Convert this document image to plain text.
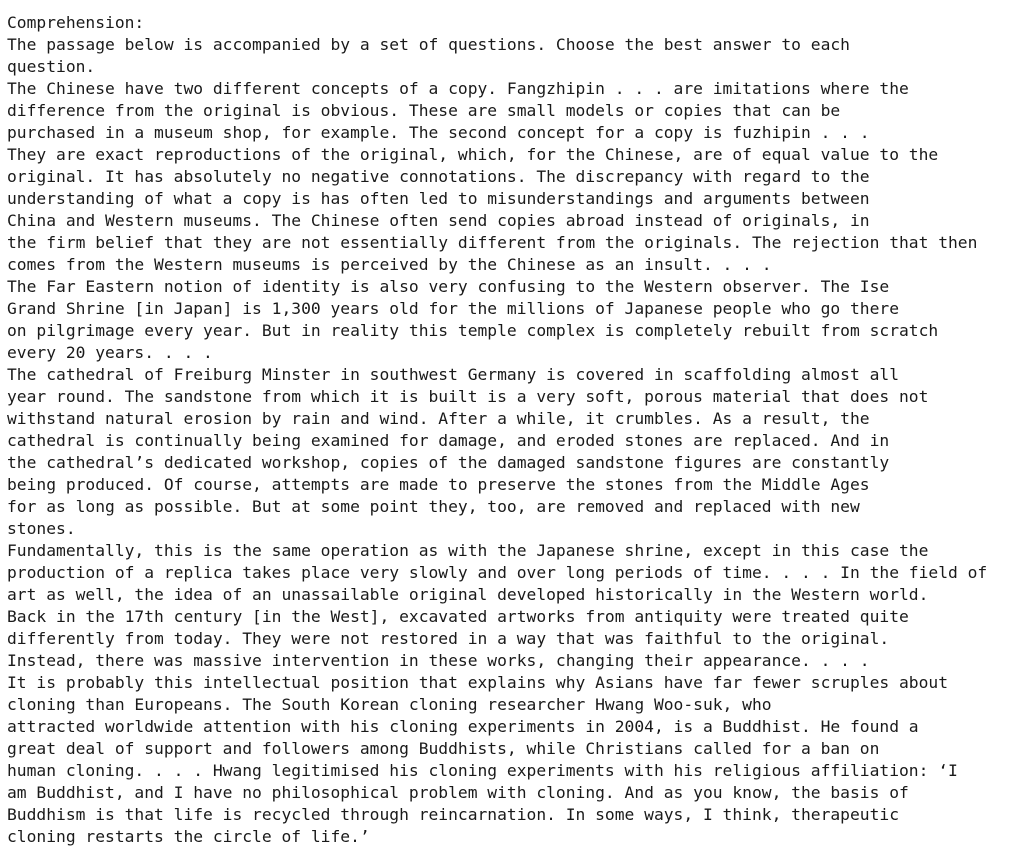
Comprehension:
The passage below is accompanied by a set of questions. Choose the best answer to each
question.
The Chinese have two different concepts of a copy. Fangzhipin . . . are imitations where the
difference from the original is obvious. These are small models or copies that can be
purchased in a museum shop, for example. The second concept for a copy is fuzhipin . . .
They are exact reproductions of the original, which, for the Chinese, are of equal value to the
original. It has absolutely no negative connotations. The discrepancy with regard to the
understanding of what a copy is has often led to misunderstandings and arguments between
China and Western museums. The Chinese often send copies abroad instead of originals, in
the firm belief that they are not essentially different from the originals. The rejection that then
comes from the Western museums is perceived by the Chinese as an insult. . . .
The Far Eastern notion of identity is also very confusing to the Western observer. The Ise
Grand Shrine [in Japan] is 1,300 years old for the millions of Japanese people who go there
on pilgrimage every year. But in reality this temple complex is completely rebuilt from scratch
every 20 years. . . .
The cathedral of Freiburg Minster in southwest Germany is covered in scaffolding almost all
year round. The sandstone from which it is built is a very soft, porous material that does not
withstand natural erosion by rain and wind. After a while, it crumbles. As a result, the
cathedral is continually being examined for damage, and eroded stones are replaced. And in
the cathedral’s dedicated workshop, copies of the damaged sandstone figures are constantly
being produced. Of course, attempts are made to preserve the stones from the Middle Ages
for as long as possible. But at some point they, too, are removed and replaced with new
stones.
Fundamentally, this is the same operation as with the Japanese shrine, except in this case the
production of a replica takes place very slowly and over long periods of time. . . . In the field of
art as well, the idea of an unassailable original developed historically in the Western world.
Back in the 17th century [in the West], excavated artworks from antiquity were treated quite
differently from today. They were not restored in a way that was faithful to the original.
Instead, there was massive intervention in these works, changing their appearance. . . .
It is probably this intellectual position that explains why Asians have far fewer scruples about
cloning than Europeans. The South Korean cloning researcher Hwang Woo-suk, who
attracted worldwide attention with his cloning experiments in 2004, is a Buddhist. He found a
great deal of support and followers among Buddhists, while Christians called for a ban on
human cloning. . . . Hwang legitimised his cloning experiments with his religious affiliation: ‘I
am Buddhist, and I have no philosophical problem with cloning. And as you know, the basis of
Buddhism is that life is recycled through reincarnation. In some ways, I think, therapeutic
cloning restarts the circle of life.’
